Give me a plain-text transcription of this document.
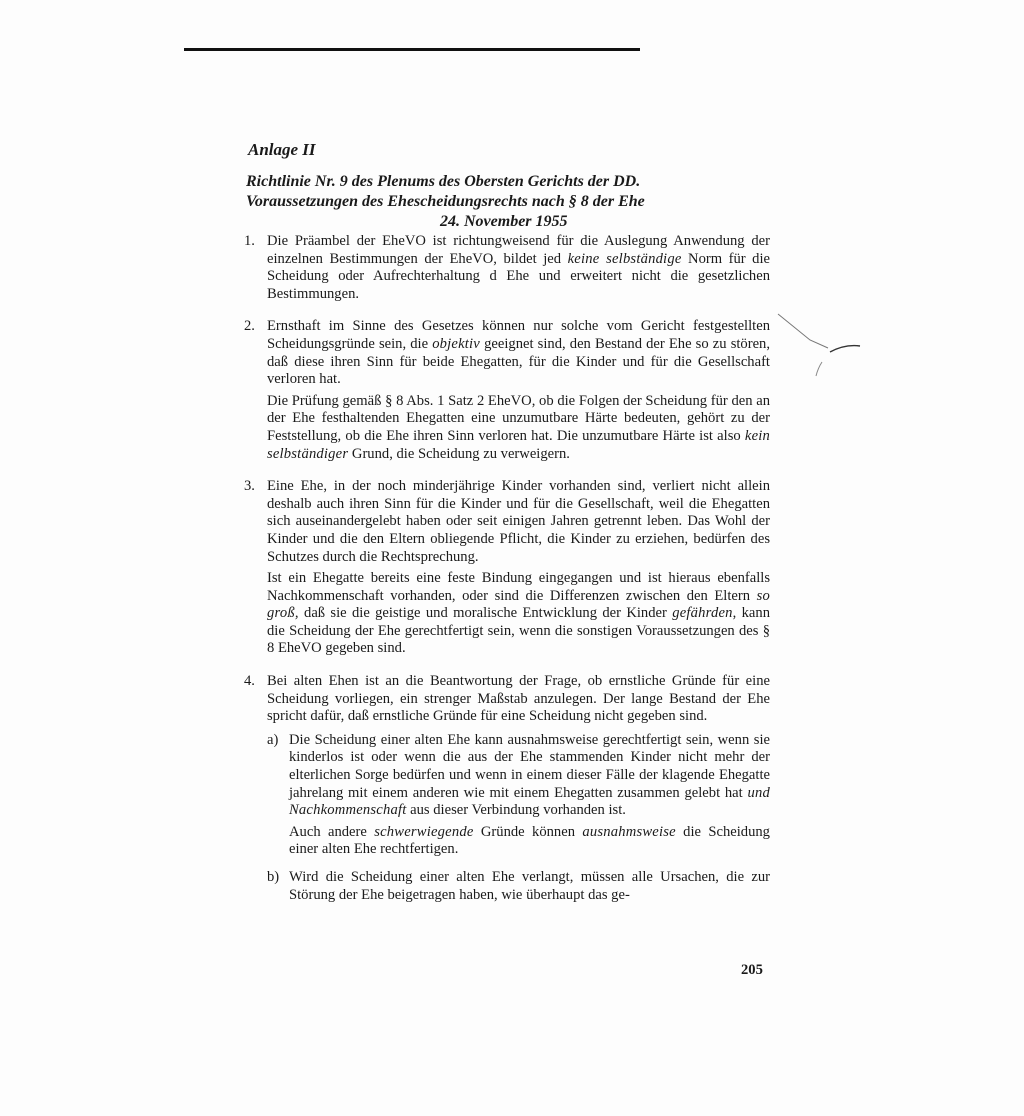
Anlage II
Richtlinie Nr. 9 des Plenums des Obersten Gerichts der DD.
Voraussetzungen des Ehescheidungsrechts nach § 8 der Ehe
24. November 1955
1. Die Präambel der EheVO ist richtungweisend für die Auslegung Anwendung der einzelnen Bestimmungen der EheVO, bildet jed keine selbständige Norm für die Scheidung oder Aufrechterhaltung d Ehe und erweitert nicht die gesetzlichen Bestimmungen.

2. Ernsthaft im Sinne des Gesetzes können nur solche vom Gericht festgestellten Scheidungsgründe sein, die objektiv geeignet sind, den Bestand der Ehe so zu stören, daß diese ihren Sinn für beide Ehegatten, für die Kinder und für die Gesellschaft verloren hat.

Die Prüfung gemäß § 8 Abs. 1 Satz 2 EheVO, ob die Folgen der Scheidung für den an der Ehe festhaltenden Ehegatten eine unzumutbare Härte bedeuten, gehört zu der Feststellung, ob die Ehe ihren Sinn verloren hat. Die unzumutbare Härte ist also kein selbständiger Grund, die Scheidung zu verweigern.

3. Eine Ehe, in der noch minderjährige Kinder vorhanden sind, verliert nicht allein deshalb auch ihren Sinn für die Kinder und für die Gesellschaft, weil die Ehegatten sich auseinandergelebt haben oder seit einigen Jahren getrennt leben. Das Wohl der Kinder und die den Eltern obliegende Pflicht, die Kinder zu erziehen, bedürfen des Schutzes durch die Rechtsprechung.

Ist ein Ehegatte bereits eine feste Bindung eingegangen und ist hieraus ebenfalls Nachkommenschaft vorhanden, oder sind die Differenzen zwischen den Eltern so groß, daß sie die geistige und moralische Entwicklung der Kinder gefährden, kann die Scheidung der Ehe gerechtfertigt sein, wenn die sonstigen Voraussetzungen des § 8 EheVO gegeben sind.

4. Bei alten Ehen ist an die Beantwortung der Frage, ob ernstliche Gründe für eine Scheidung vorliegen, ein strenger Maßstab anzulegen. Der lange Bestand der Ehe spricht dafür, daß ernstliche Gründe für eine Scheidung nicht gegeben sind.

a) Die Scheidung einer alten Ehe kann ausnahmsweise gerechtfertigt sein, wenn sie kinderlos ist oder wenn die aus der Ehe stammenden Kinder nicht mehr der elterlichen Sorge bedürfen und wenn in einem dieser Fälle der klagende Ehegatte jahrelang mit einem anderen wie mit einem Ehegatten zusammen gelebt hat und Nachkommenschaft aus dieser Verbindung vorhanden ist.

Auch andere schwerwiegende Gründe können ausnahmsweise die Scheidung einer alten Ehe rechtfertigen.

b) Wird die Scheidung einer alten Ehe verlangt, müssen alle Ursachen, die zur Störung der Ehe beigetragen haben, wie überhaupt das ge-

205
